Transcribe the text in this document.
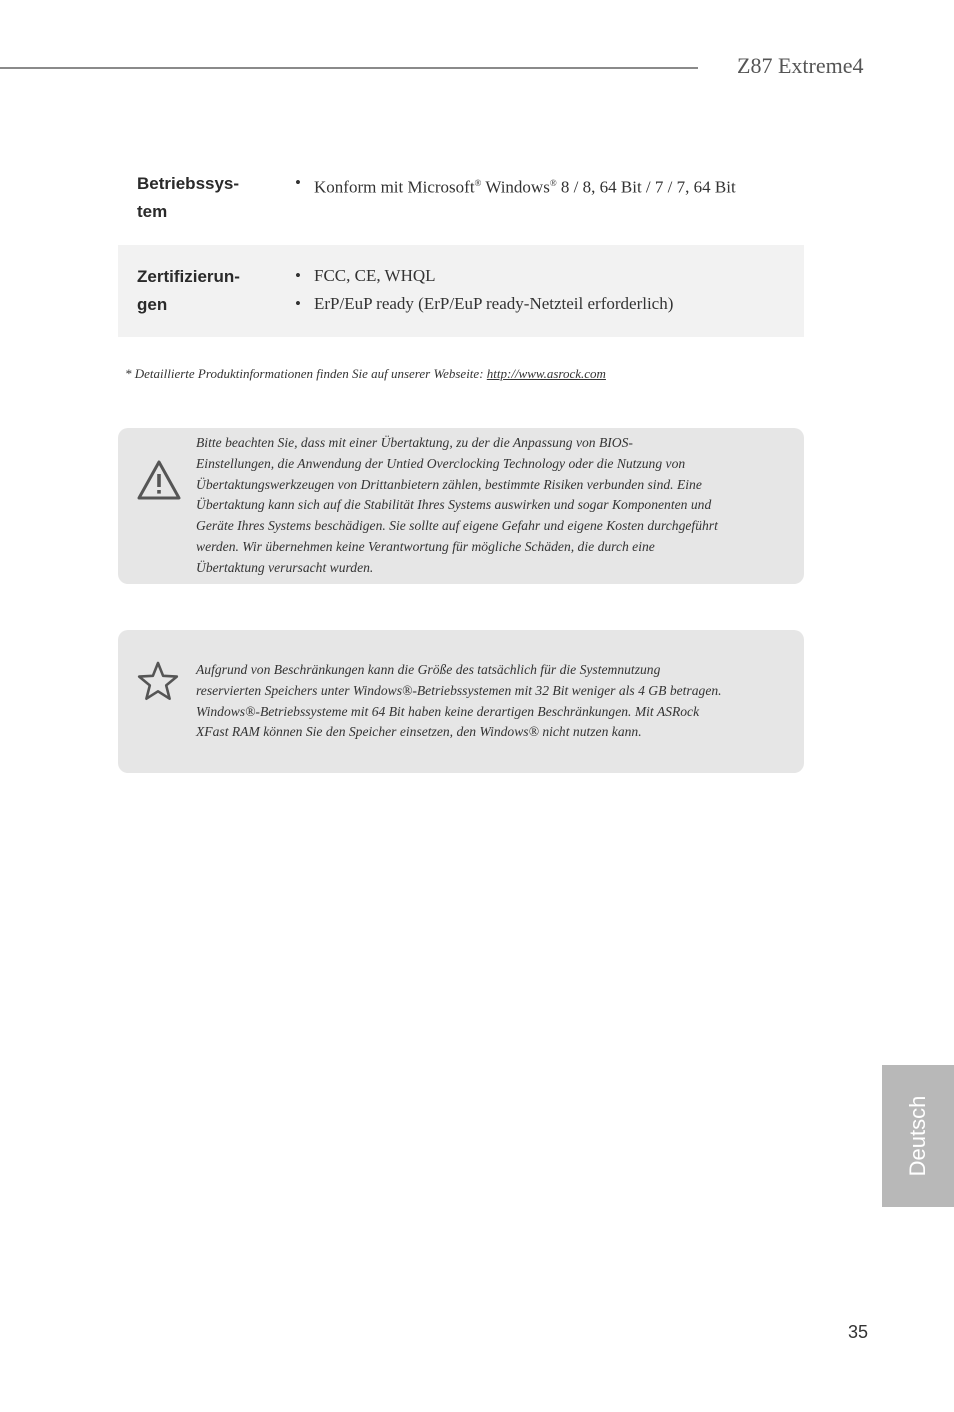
Z87 Extreme4
Betriebssys-
tem
• Konform mit Microsoft® Windows® 8 / 8, 64 Bit / 7 / 7, 64 Bit
Zertifizierun-
gen
• FCC, CE, WHQL
• ErP/EuP ready (ErP/EuP ready-Netzteil erforderlich)
* Detaillierte Produktinformationen finden Sie auf unserer Webseite: http://www.asrock.com
Bitte beachten Sie, dass mit einer Übertaktung, zu der die Anpassung von BIOS-
Einstellungen, die Anwendung der Untied Overclocking Technology oder die Nutzung von
Übertaktungswerkzeugen von Drittanbietern zählen, bestimmte Risiken verbunden sind. Eine
Übertaktung kann sich auf die Stabilität Ihres Systems auswirken und sogar Komponenten und
Geräte Ihres Systems beschädigen. Sie sollte auf eigene Gefahr und eigene Kosten durchgeführt
werden. Wir übernehmen keine Verantwortung für mögliche Schäden, die durch eine
Übertaktung verursacht wurden.
Aufgrund von Beschränkungen kann die Größe des tatsächlich für die Systemnutzung
reservierten Speichers unter Windows®-Betriebssystemen mit 32 Bit weniger als 4 GB betragen.
Windows®-Betriebssysteme mit 64 Bit haben keine derartigen Beschränkungen. Mit ASRock
XFast RAM können Sie den Speicher einsetzen, den Windows® nicht nutzen kann.
Deutsch
35
